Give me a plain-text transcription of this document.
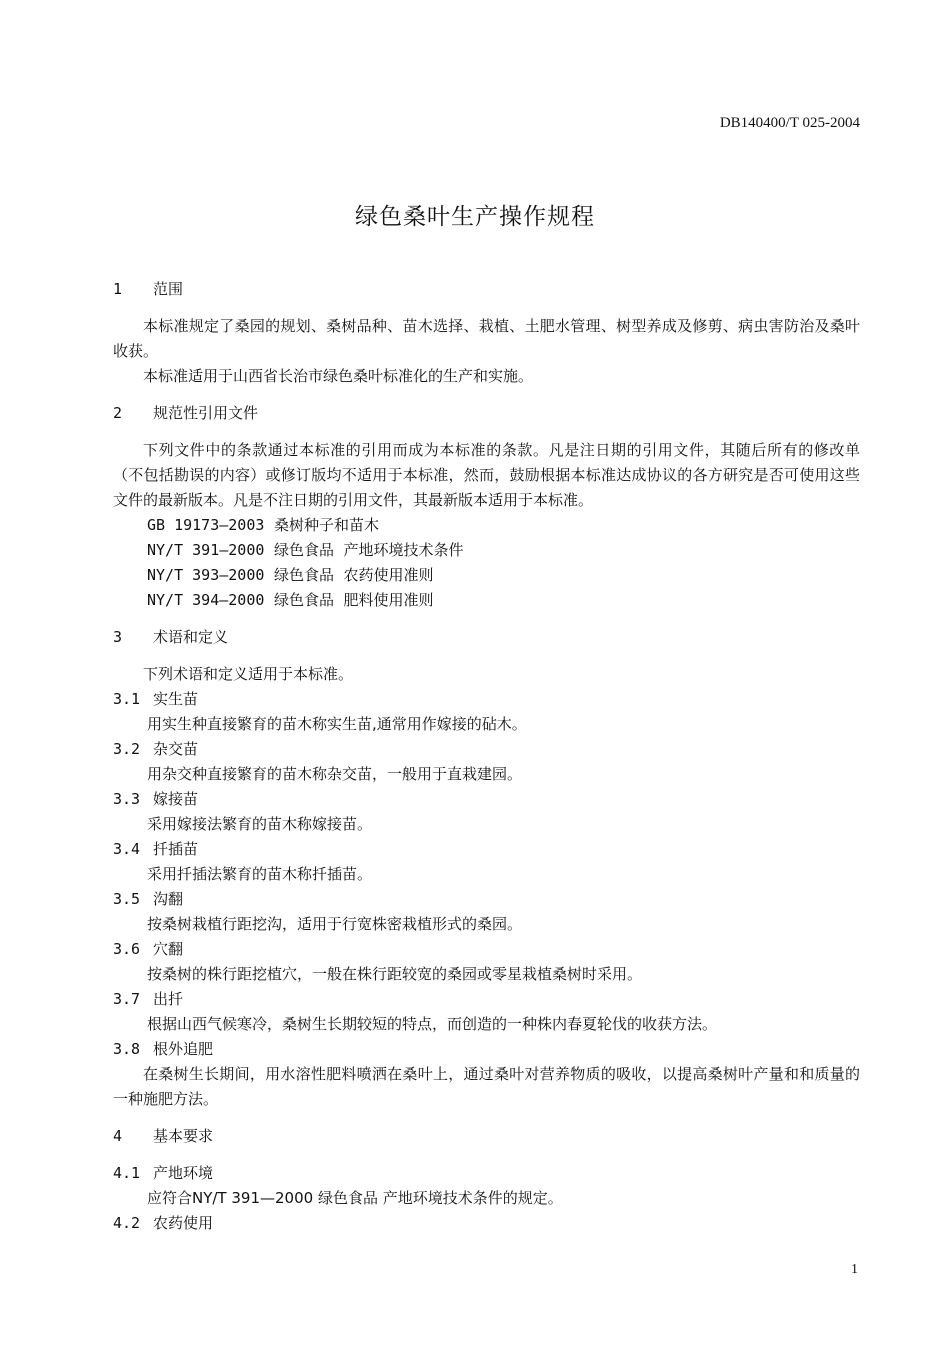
DB140400/T 025-2004
绿色桑叶生产操作规程
1 范围

本标准规定了桑园的规划、桑树品种、苗木选择、栽植、土肥水管理、树型养成及修剪、病虫害防治及桑叶收获。

本标准适用于山西省长治市绿色桑叶标准化的生产和实施。

2 规范性引用文件

下列文件中的条款通过本标准的引用而成为本标准的条款。凡是注日期的引用文件，其随后所有的修改单（不包括勘误的内容）或修订版均不适用于本标准，然而，鼓励根据本标准达成协议的各方研究是否可使用这些文件的最新版本。凡是不注日期的引用文件，其最新版本适用于本标准。

GB 19173—2003 桑树种子和苗木
NY/T 391—2000 绿色食品  产地环境技术条件
NY/T 393—2000 绿色食品  农药使用准则
NY/T 394—2000 绿色食品  肥料使用准则
3 术语和定义

下列术语和定义适用于本标准。

3.1 实生苗

用实生种直接繁育的苗木称实生苗,通常用作嫁接的砧木。

3.2 杂交苗

用杂交种直接繁育的苗木称杂交苗，一般用于直栽建园。

3.3 嫁接苗

采用嫁接法繁育的苗木称嫁接苗。

3.4 扦插苗

采用扦插法繁育的苗木称扦插苗。

3.5 沟翻

按桑树栽植行距挖沟，适用于行宽株密栽植形式的桑园。

3.6 穴翻

按桑树的株行距挖植穴，一般在株行距较宽的桑园或零星栽植桑树时采用。

3.7 出扦

根据山西气候寒冷，桑树生长期较短的特点，而创造的一种株内春夏轮伐的收获方法。

3.8 根外追肥

在桑树生长期间，用水溶性肥料喷洒在桑叶上，通过桑叶对营养物质的吸收，以提高桑树叶产量和和质量的一种施肥方法。

4 基本要求
4.1 产地环境

应符合NY/T 391—2000 绿色食品 产地环境技术条件的规定。

4.2 农药使用
1
